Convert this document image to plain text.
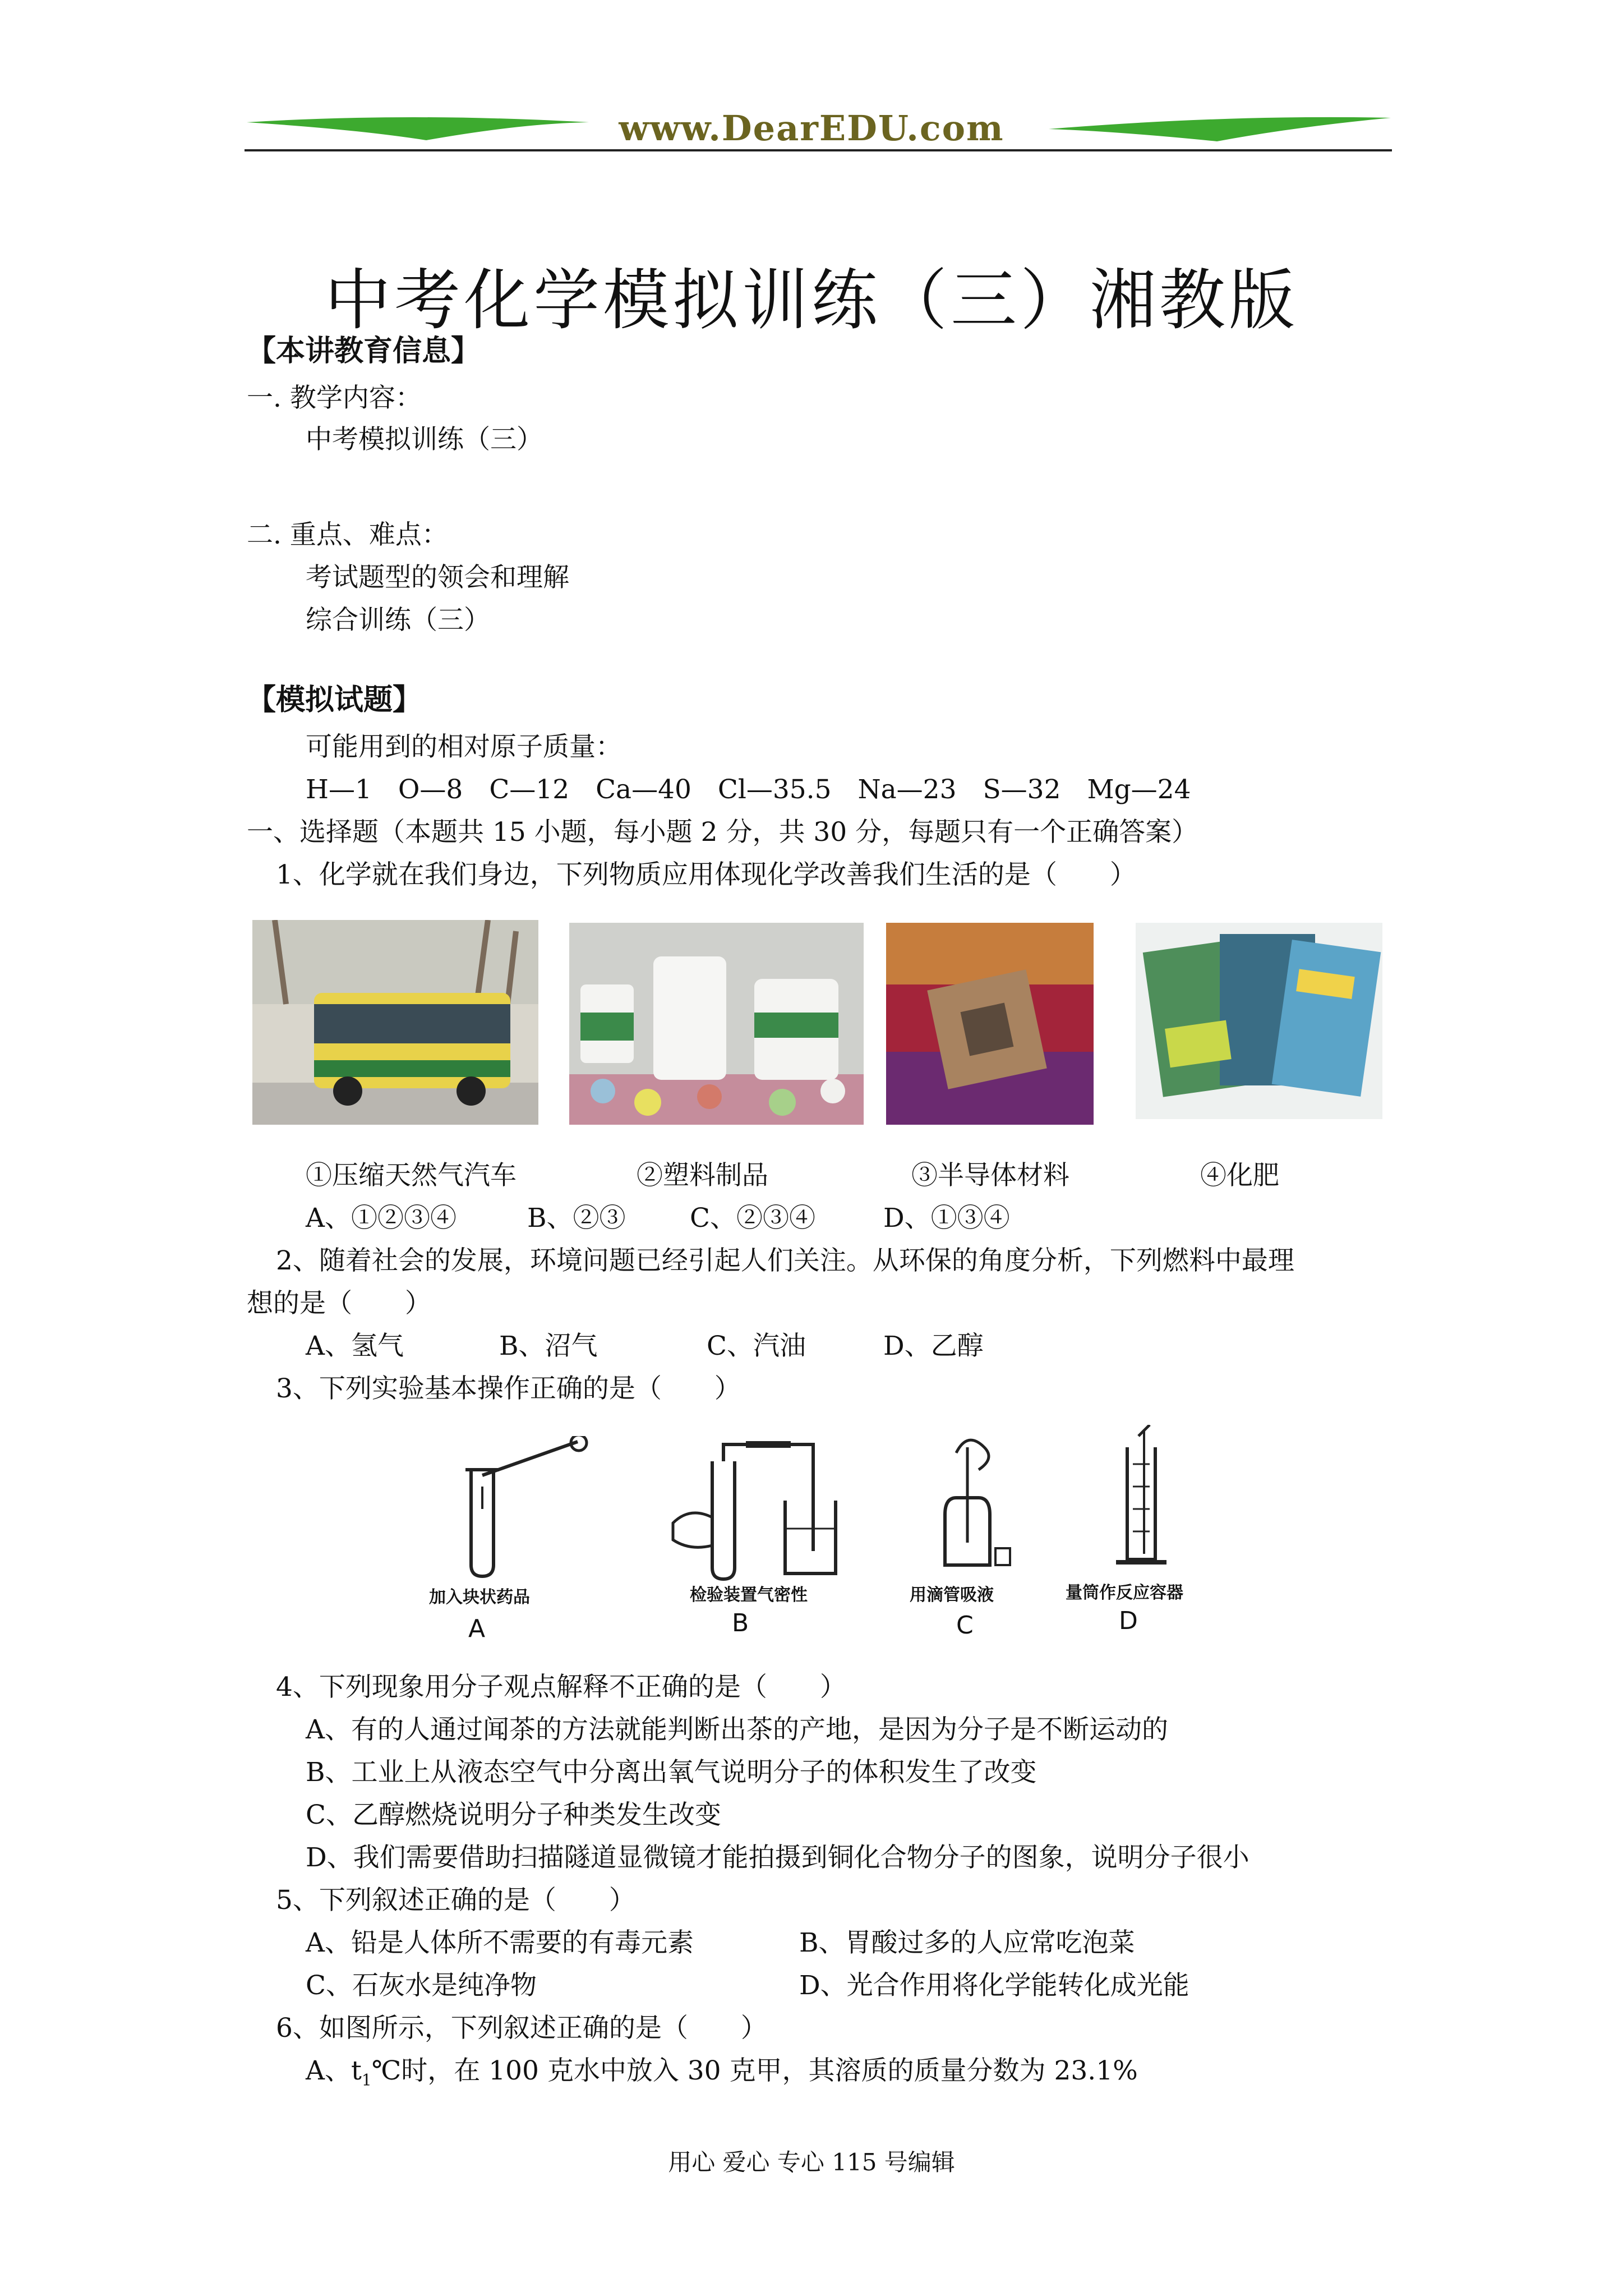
www.DearEDU.com
中考化学模拟训练（三）湘教版
【本讲教育信息】
一. 教学内容：
中考模拟训练（三）
二. 重点、难点：
考试题型的领会和理解
综合训练（三）
【模拟试题】
可能用到的相对原子质量：
H—1　O—8　C—12　Ca—40　Cl—35.5　Na—23　S—32　Mg—24
一、选择题（本题共 15 小题，每小题 2 分，共 30 分，每题只有一个正确答案）
1、化学就在我们身边，下列物质应用体现化学改善我们生活的是（　　）
①压缩天然气汽车	②塑料制品	③半导体材料	④化肥
A、①②③④	B、②③ C、②③④	D、①③④
2、随着社会的发展，环境问题已经引起人们关注。从环保的角度分析，下列燃料中最理
想的是（　　）
A、氢气	B、沼气	C、汽油	D、乙醇
3、下列实验基本操作正确的是（　　）
加入块状药品	检验装置气密性	用滴管吸液	量筒作反应容器
A	B	C	D
4、下列现象用分子观点解释不正确的是（　　）
A、有的人通过闻茶的方法就能判断出茶的产地，是因为分子是不断运动的
B、工业上从液态空气中分离出氧气说明分子的体积发生了改变
C、乙醇燃烧说明分子种类发生改变
D、我们需要借助扫描隧道显微镜才能拍摄到铜化合物分子的图象，说明分子很小
5、下列叙述正确的是（　　）
A、铅是人体所不需要的有毒元素	B、胃酸过多的人应常吃泡菜
C、石灰水是纯净物	D、光合作用将化学能转化成光能
6、如图所示，下列叙述正确的是（　　）
A、$t_1℃$时，在 100 克水中放入 30 克甲，其溶质的质量分数为 23.1%
用心 爱心 专心 115 号编辑
